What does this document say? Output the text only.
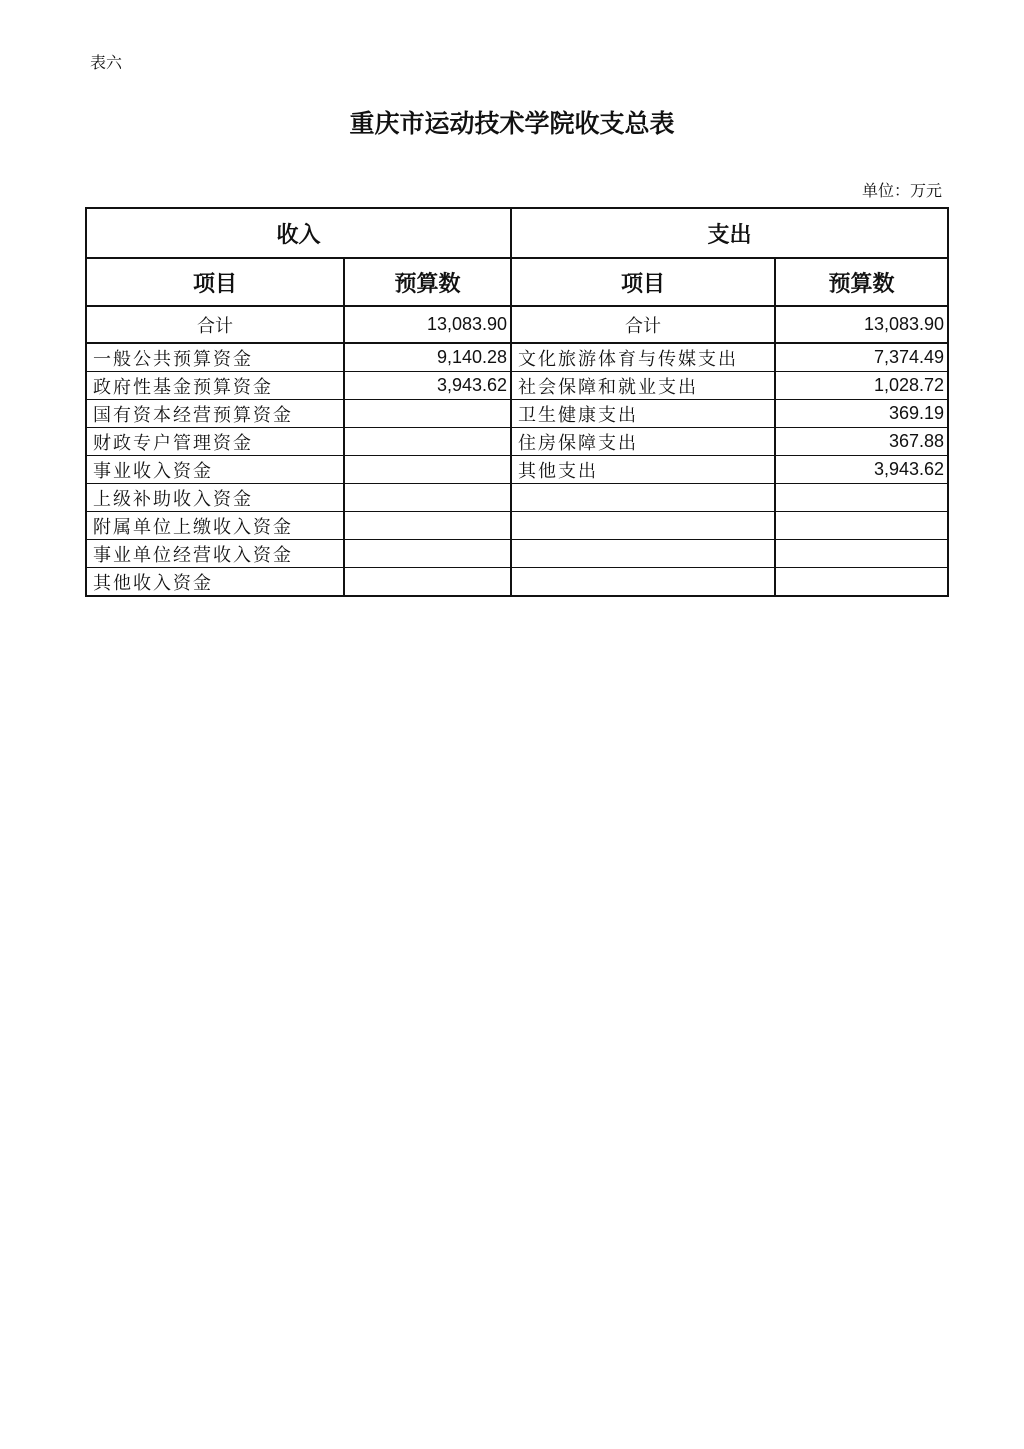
表六
重庆市运动技术学院收支总表
单位：万元
收入		支出	
项目	预算数	项目	预算数
合计	13,083.90	合计	13,083.90
一般公共预算资金	9,140.28	文化旅游体育与传媒支出	7,374.49
政府性基金预算资金	3,943.62	社会保障和就业支出	1,028.72
国有资本经营预算资金		卫生健康支出	369.19
财政专户管理资金		住房保障支出	367.88
事业收入资金		其他支出	3,943.62
上级补助收入资金			
附属单位上缴收入资金			
事业单位经营收入资金			
其他收入资金			
